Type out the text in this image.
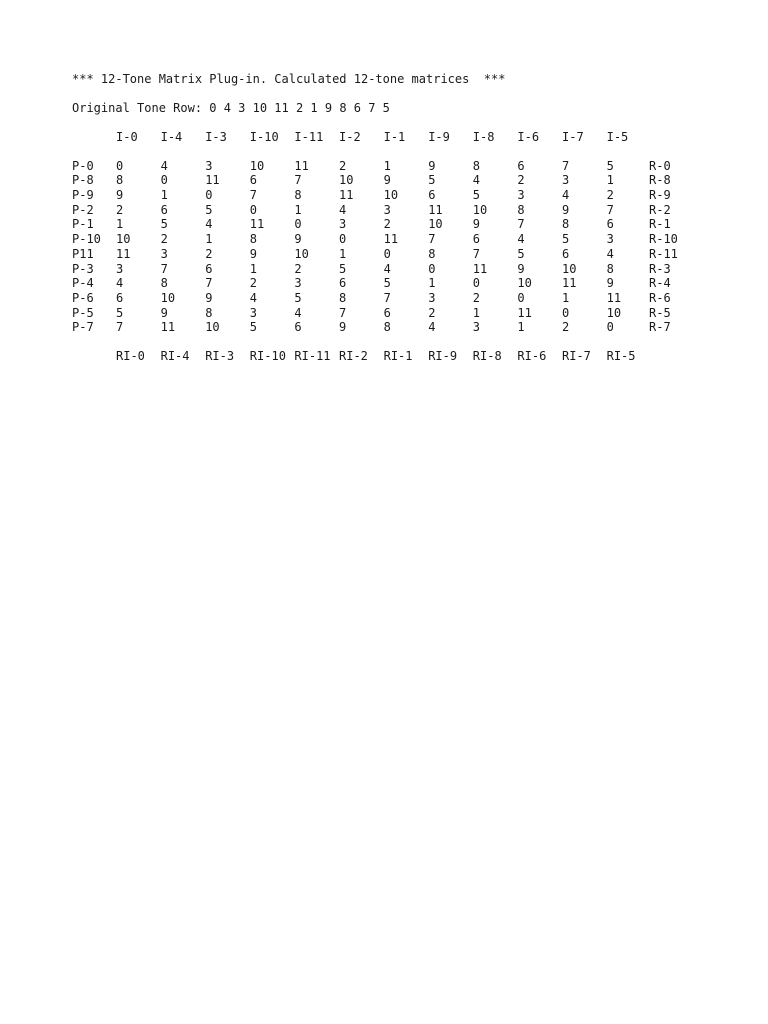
*** 12-Tone Matrix Plug-in. Calculated 12-tone matrices  ***
Original Tone Row: 0 4 3 10 11 2 1 9 8 6 7 5
I-0 I-4 I-3 I-10 I-11 I-2 I-1 I-9 I-8 I-6 I-7 I-5
P-0 0	4	3	10	11	2	1	9	8	6	7	5	R-0
P-8 8	0	11	6	7	10	9	5	4	2	3	1	R-8
P-9 9	1	0	7	8	11	10	6	5	3	4	2	R-9
P-2 2	6	5	0	1	4	3	11	10	8	9	7	R-2
P-1 1	5	4	11	0	3	2	10	9	7	8	6	R-1
P-10 10	2	1	8	9	0	11	7	6	4	5	3	R-10
P11 11	3	2	9	10	1	0	8	7	5	6	4	R-11
P-3 3	7	6	1	2	5	4	0	11	9	10	8	R-3
P-4 4	8	7	2	3	6	5	1	0	10	11	9	R-4
P-6 6	10	9	4	5	8	7	3	2	0	1	11 R-6
P-5 5	9	8	3	4	7	6	2	1	11	0	10 R-5
P-7 7	11	10	5	6	9	8	4	3	1	2	0	R-7
RI-0 RI-4 RI-3 RI-10 RI-11 RI-2 RI-1 RI-9 RI-8 RI-6 RI-7 RI-5
